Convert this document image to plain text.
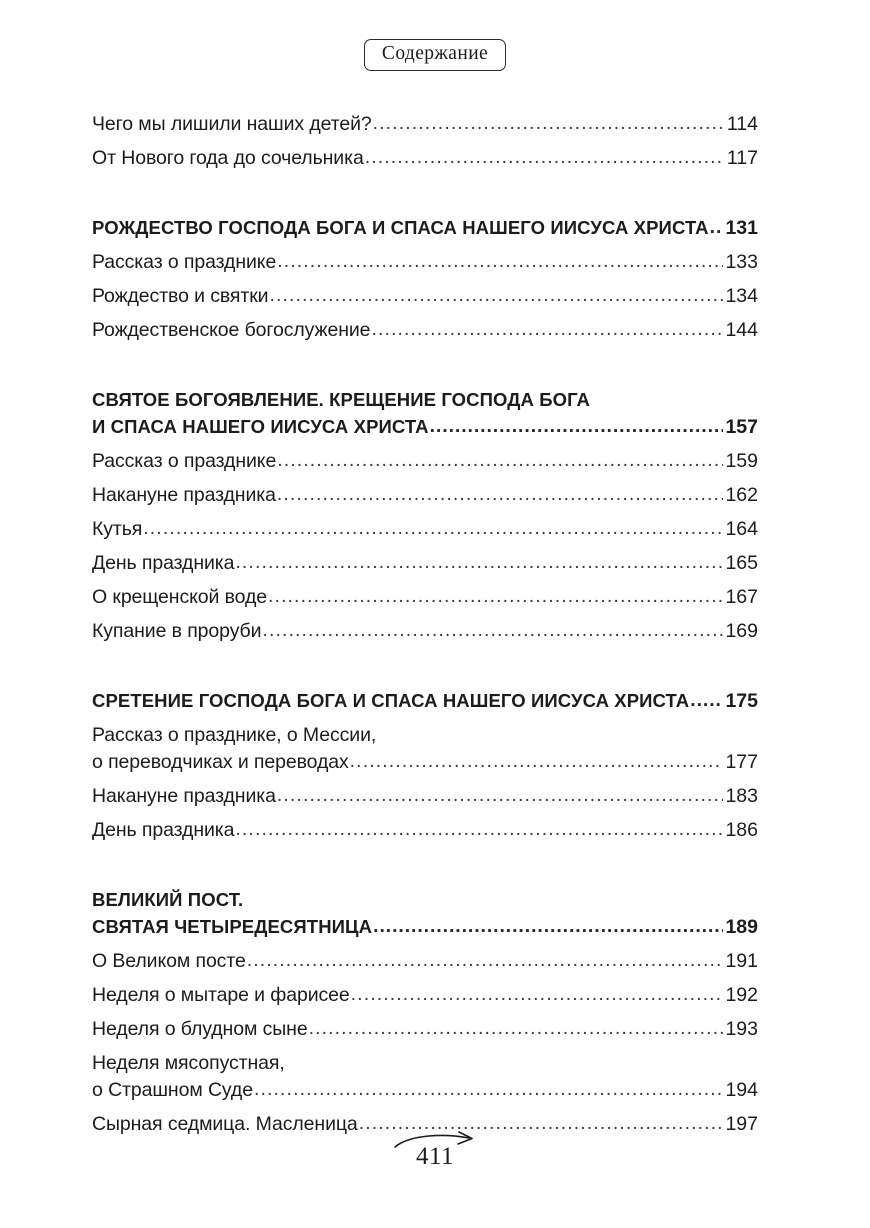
Содержание
Чего мы лишили наших детей? .....	114
От Нового года до сочельника .....	117
РОЖДЕСТВО ГОСПОДА БОГА И СПАСА НАШЕГО ИИСУСА ХРИСТА ..... 131
Рассказ о празднике .....	133
Рождество и святки .....	134
Рождественское богослужение .....	144
СВЯТОЕ БОГОЯВЛЕНИЕ. КРЕЩЕНИЕ ГОСПОДА БОГА
И СПАСА НАШЕГО ИИСУСА ХРИСТА .....	157
Рассказ о празднике .....	159
Накануне праздника .....	162
Кутья .....	164
День праздника .....	165
О крещенской воде .....	167
Купание в проруби .....	169
СРЕТЕНИЕ ГОСПОДА БОГА И СПАСА НАШЕГО ИИСУСА ХРИСТА ..... 175
Рассказ о празднике, о Мессии,
о переводчиках и переводах .....	177
Накануне праздника .....	183
День праздника .....	186
ВЕЛИКИЙ ПОСТ.
СВЯТАЯ ЧЕТЫРЕДЕСЯТНИЦА .....	189
О Великом посте .....	191
Неделя о мытаре и фарисее .....	192
Неделя о блудном сыне .....	193
Неделя мясопустная,
о Страшном Суде .....	194
Сырная седмица. Масленица .....	197
411
